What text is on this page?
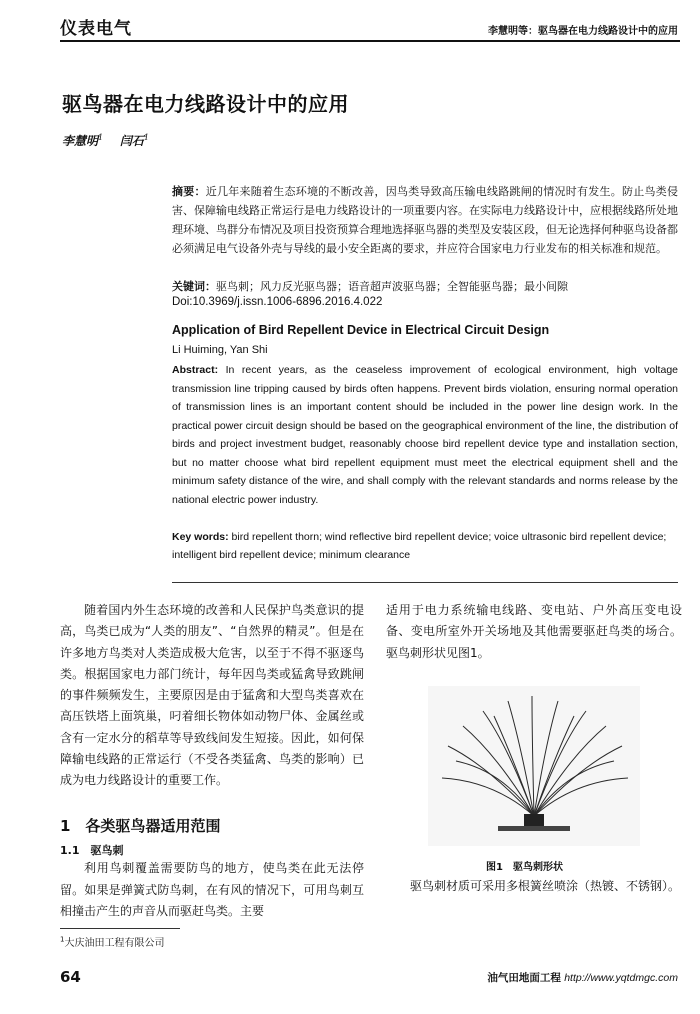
仪表电气	李慧明等：驱鸟器在电力线路设计中的应用
驱鸟器在电力线路设计中的应用
李慧明$^1$ 闫石$^1$
摘要：近几年来随着生态环境的不断改善，因鸟类导致高压输电线路跳闸的情况时有发生。防止鸟类侵害、保障输电线路正常运行是电力线路设计的一项重要内容。在实际电力线路设计中，应根据线路所处地理环境、鸟群分布情况及项目投资预算合理地选择驱鸟器的类型及安装区段，但无论选择何种驱鸟设备都必须满足电气设备外壳与导线的最小安全距离的要求，并应符合国家电力行业发布的相关标准和规范。
关键词：驱鸟刺；风力反光驱鸟器；语音超声波驱鸟器；全智能驱鸟器；最小间隙
Doi:10.3969/j.issn.1006-6896.2016.4.022
Application of Bird Repellent Device in Electrical Circuit Design
Li Huiming, Yan Shi
Abstract: In recent years, as the ceaseless improvement of ecological environment, high voltage transmission line tripping caused by birds often happens. Prevent birds violation, ensuring normal operation of transmission lines is an important content should be included in the power line design work. In the practical power circuit design should be based on the geographical environment of the line, the distribution of birds and project investment budget, reasonably choose bird repellent device type and installation section, but no matter choose what bird repellent equipment must meet the electrical equipment shell and the minimum safety distance of the wire, and shall comply with the relevant standards and norms release by the national electric power industry.
Key words: bird repellent thorn; wind reflective bird repellent device; voice ultrasonic bird repellent device; intelligent bird repellent device; minimum clearance
随着国内外生态环境的改善和人民保护鸟类意识的提高，鸟类已成为“人类的朋友”、“自然界的精灵”。但是在许多地方鸟类对人类造成极大危害，以至于不得不驱逐鸟类。根据国家电力部门统计，每年因鸟类或猛禽导致跳闸的事件频频发生，主要原因是由于猛禽和大型鸟类喜欢在高压铁塔上面筑巢，叼着细长物体如动物尸体、金属丝或含有一定水分的稻草等导致线间发生短接。因此，如何保障输电线路的正常运行（不受各类猛禽、鸟类的影响）已成为电力线路设计的重要工作。
1　各类驱鸟器适用范围
1.1　驱鸟刺
利用鸟刺覆盖需要防鸟的地方，使鸟类在此无法停留。如果是弹簧式防鸟刺，在有风的情况下，可用鸟刺互相撞击产生的声音从而驱赶鸟类。主要
适用于电力系统输电线路、变电站、户外高压变电设备、变电所室外开关场地及其他需要驱赶鸟类的场合。驱鸟刺形状见图1。
图1　驱鸟刺形状
驱鸟刺材质可采用多根簧丝喷涂（热镀、不锈钢）。
$^1$大庆油田工程有限公司
64	油气田地面工程 http://www.yqtdmgc.com
